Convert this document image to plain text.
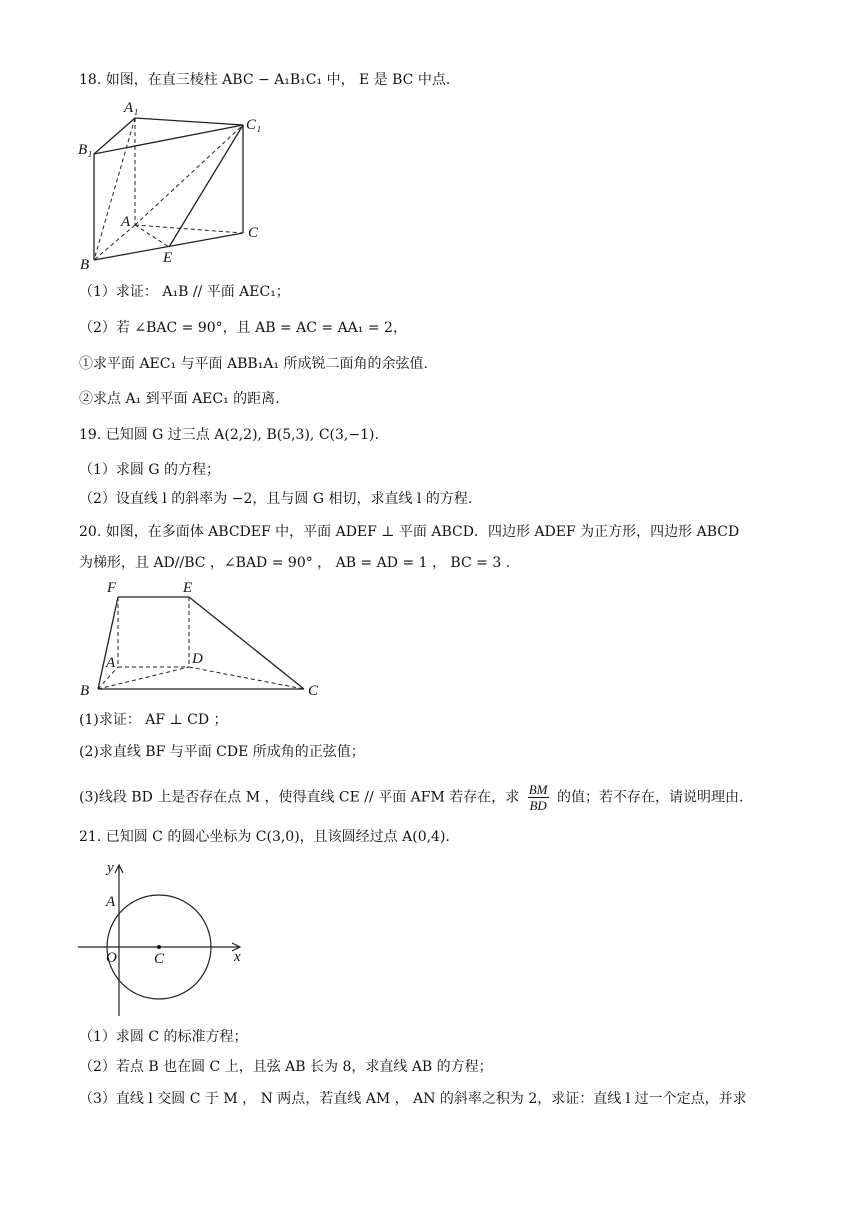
18. 如图，在直三棱柱 ABC − A₁B₁C₁ 中， E 是 BC 中点.
A₁
B₁
C₁
A
C
B	E
（1）求证： A₁B // 平面 AEC₁；
（2）若 ∠BAC = 90°，且 AB = AC = AA₁ = 2，
①求平面 AEC₁ 与平面 ABB₁A₁ 所成锐二面角的余弦值.
②求点 A₁ 到平面 AEC₁ 的距离.
19. 已知圆 G 过三点 A(2,2), B(5,3), C(3,−1).
（1）求圆 G 的方程；
（2）设直线 l 的斜率为 −2，且与圆 G 相切，求直线 l 的方程.
20. 如图，在多面体 ABCDEF 中，平面 ADEF ⊥ 平面 ABCD．四边形 ADEF 为正方形，四边形 ABCD
为梯形，且 AD//BC ，∠BAD = 90° ， AB = AD = 1 ， BC = 3 .
F	E
A	D
B	C
(1)求证： AF ⊥ CD ；
(2)求直线 BF 与平面 CDE 所成角的正弦值；
(3)线段 BD 上是否存在点 M ，使得直线 CE // 平面 AFM 若存在，求 $\frac{BM}{BD}$ 的值；若不存在，请说明理由.
21. 已知圆 C 的圆心坐标为 C(3,0)，且该圆经过点 A(0,4).
y
A
O C	x
（1）求圆 C 的标准方程；
（2）若点 B 也在圆 C 上，且弦 AB 长为 8，求直线 AB 的方程；
（3）直线 l 交圆 C 于 M ， N 两点，若直线 AM ， AN 的斜率之积为 2，求证：直线 l 过一个定点，并求
